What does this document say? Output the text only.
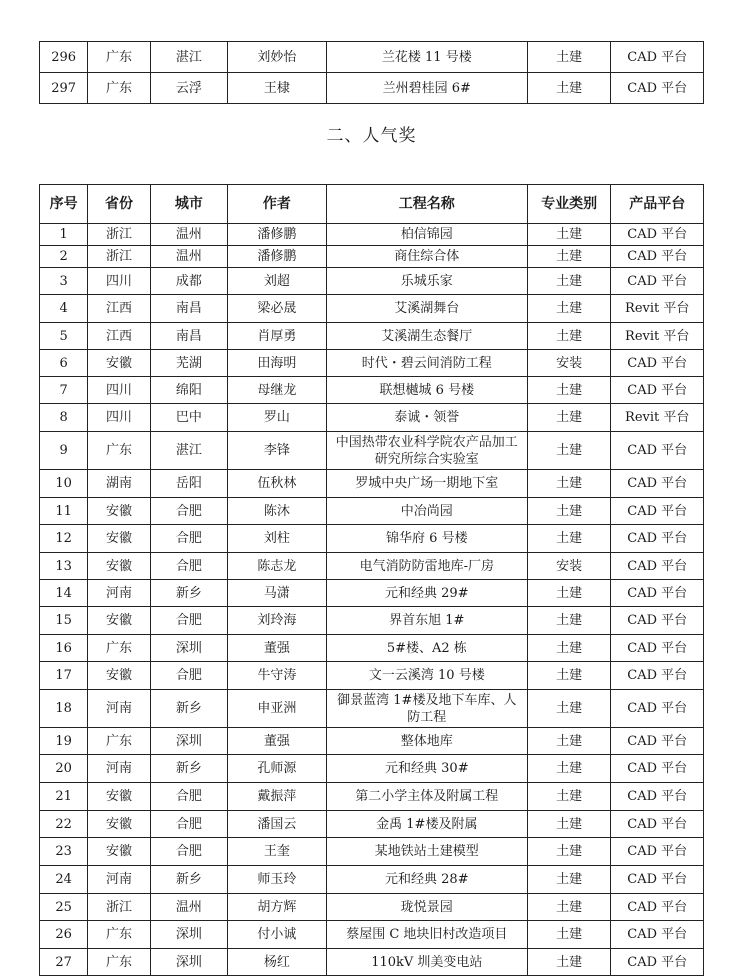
296	广东	湛江	刘妙怡	兰花楼 11 号楼	土建	CAD 平台
297	广东	云浮	王棣	兰州碧桂园 6#	土建	CAD 平台
二、人气奖
序号	省份	城市	作者	工程名称	专业类别	产品平台
1	浙江	温州	潘修鹏	柏信锦园	土建	CAD 平台
2	浙江	温州	潘修鹏	商住综合体	土建	CAD 平台
3	四川	成都	刘超	乐城乐家	土建	CAD 平台
4	江西	南昌	梁必晟	艾溪湖舞台	土建	Revit 平台
5	江西	南昌	肖厚勇	艾溪湖生态餐厅	土建	Revit 平台
6	安徽	芜湖	田海明	时代・碧云间消防工程	安装	CAD 平台
7	四川	绵阳	母继龙	联想樾城 6 号楼	土建	CAD 平台
8	四川	巴中	罗山	泰诚・领誉	土建	Revit 平台
9	广东	湛江	李锋	中国热带农业科学院农产品加工研究所综合实验室	土建	CAD 平台
10	湖南	岳阳	伍秋林	罗城中央广场一期地下室	土建	CAD 平台
11	安徽	合肥	陈沐	中冶尚园	土建	CAD 平台
12	安徽	合肥	刘柱	锦华府 6 号楼	土建	CAD 平台
13	安徽	合肥	陈志龙	电气消防防雷地库-厂房	安装	CAD 平台
14	河南	新乡	马潇	元和经典 29#	土建	CAD 平台
15	安徽	合肥	刘玲海	界首东旭 1#	土建	CAD 平台
16	广东	深圳	董强	5#楼、A2 栋	土建	CAD 平台
17	安徽	合肥	牛守涛	文一云溪湾 10 号楼	土建	CAD 平台
18	河南	新乡	申亚洲	御景蓝湾 1#楼及地下车库、人防工程	土建	CAD 平台
19	广东	深圳	董强	整体地库	土建	CAD 平台
20	河南	新乡	孔师源	元和经典 30#	土建	CAD 平台
21	安徽	合肥	戴振萍	第二小学主体及附属工程	土建	CAD 平台
22	安徽	合肥	潘国云	金禹 1#楼及附属	土建	CAD 平台
23	安徽	合肥	王奎	某地铁站土建模型	土建	CAD 平台
24	河南	新乡	师玉玲	元和经典 28#	土建	CAD 平台
25	浙江	温州	胡方辉	珑悦景园	土建	CAD 平台
26	广东	深圳	付小诚	蔡屋围 C 地块旧村改造项目	土建	CAD 平台
27	广东	深圳	杨红	110kV 圳美变电站	土建	CAD 平台
